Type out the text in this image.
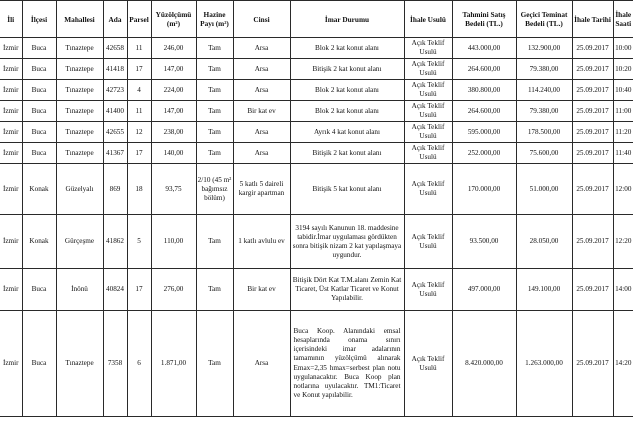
İli	İlçesi	Mahallesi	Ada	Parsel	Yüzölçümü (m²)	Hazine Payı (m²)	Cinsi	İmar Durumu	İhale Usulü	Tahmini Satış Bedeli (TL.)	Geçici Teminat Bedeli (TL.)	İhale Tarihi	İhale Saati
İzmir	Buca	Tınaztepe	42658	11	246,00	Tam	Arsa	Blok 2 kat konut alanı	Açık Teklif Usulü	443.000,00	132.900,00	25.09.2017	10:00
İzmir	Buca	Tınaztepe	41418	17	147,00	Tam	Arsa	Bitişik 2 kat konut alanı	Açık Teklif Usulü	264.600,00	79.380,00	25.09.2017	10:20
İzmir	Buca	Tınaztepe	42723	4	224,00	Tam	Arsa	Blok 2 kat konut alanı	Açık Teklif Usulü	380.800,00	114.240,00	25.09.2017	10:40
İzmir	Buca	Tınaztepe	41400	11	147,00	Tam	Bir kat ev	Blok 2 kat konut alanı	Açık Teklif Usulü	264.600,00	79.380,00	25.09.2017	11:00
İzmir	Buca	Tınaztepe	42655	12	238,00	Tam	Arsa	Ayrık 4 kat konut alanı	Açık Teklif Usulü	595.000,00	178.500,00	25.09.2017	11:20
İzmir	Buca	Tınaztepe	41367	17	140,00	Tam	Arsa	Bitişik 2 kat konut alanı	Açık Teklif Usulü	252.000,00	75.600,00	25.09.2017	11:40
İzmir	Konak	Güzelyalı	869	18	93,75	2/10 (45 m² bağımsız bölüm)	5 katlı 5 daireli kargir apartman	Bitişik 5 kat konut alanı	Açık Teklif Usulü	170.000,00	51.000,00	25.09.2017	12:00
İzmir	Konak	Gürçeşme	41862	5	110,00	Tam	1 katlı avlulu ev	3194 sayılı Kanunun 18. maddesine tabidir.İmar uygulaması gördükten sonra bitişik nizam 2 kat yapılaşmaya uygundur.	Açık Teklif Usulü	93.500,00	28.050,00	25.09.2017	12:20
İzmir	Buca	İnönü	40824	17	276,00	Tam	Bir kat ev	Bitişik Dört Kat T.M.alanı Zemin Kat Ticaret, Üst Katlar Ticaret ve Konut Yapılabilir.	Açık Teklif Usulü	497.000,00	149.100,00	25.09.2017	14:00
İzmir	Buca	Tınaztepe	7358	6	1.871,00	Tam	Arsa	Buca Koop. Alanındaki emsal hesaplarında onama sınırı içerisindeki imar adalarının tamamının yüzölçümü alınarak Emax=2,35 hmax=serbest plan notu uygulanacaktır. Buca Koop plan notlarına uyulacaktır. TM1:Ticaret ve Konut yapılabilir.	Açık Teklif Usulü	8.420.000,00	1.263.000,00	25.09.2017	14:20
